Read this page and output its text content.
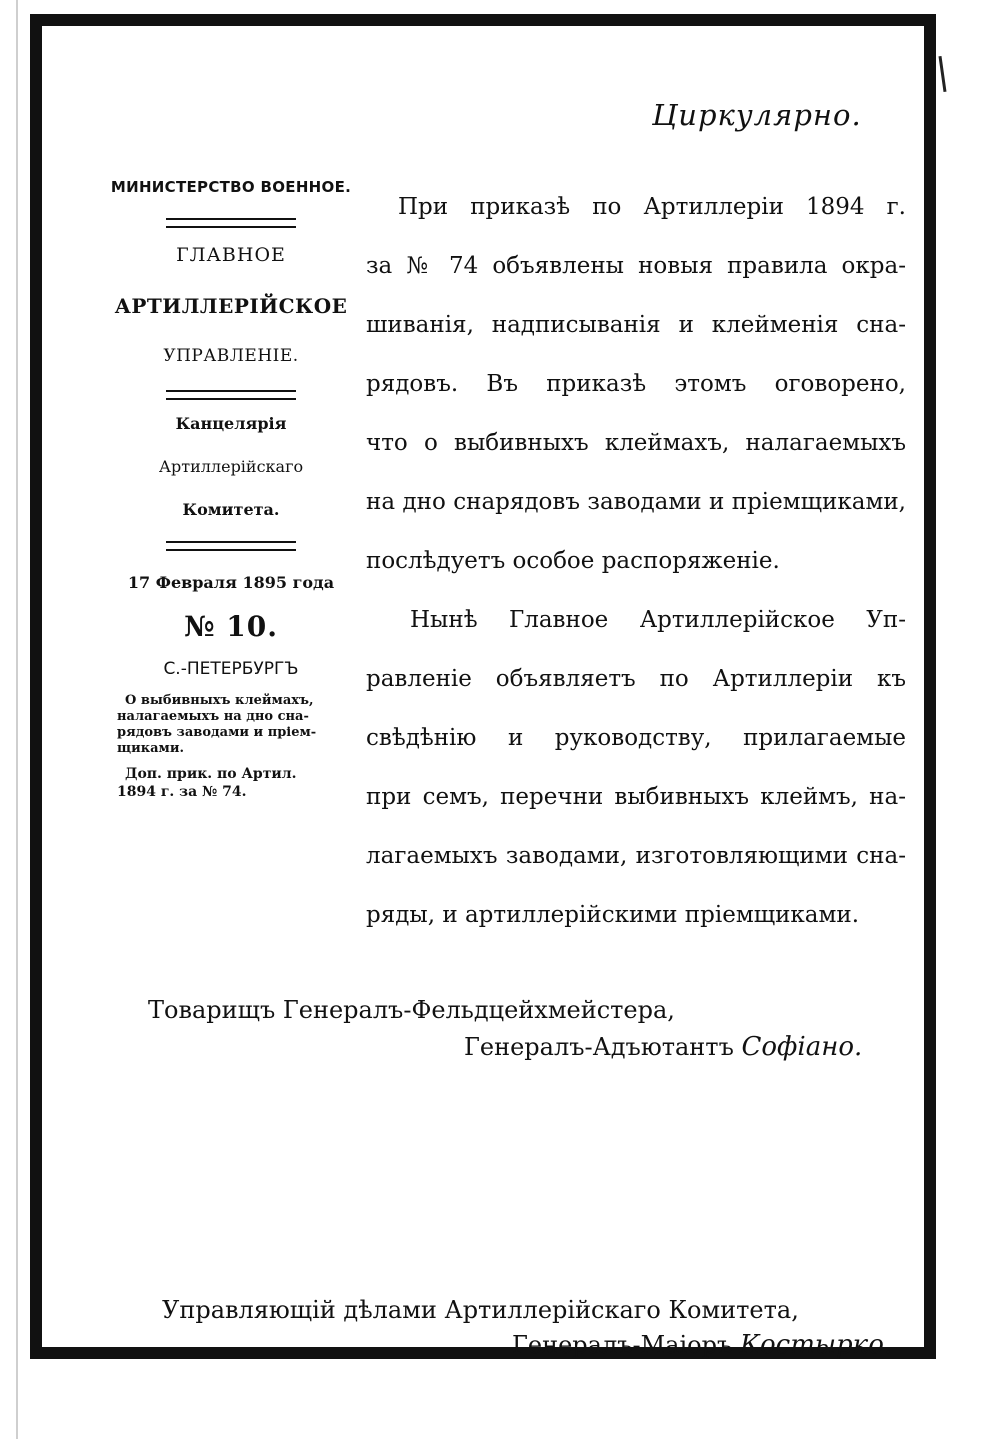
Циркулярно.
МИНИСТЕРСТВО ВОЕННОЕ.
ГЛАВНОЕ
АРТИЛЛЕРІЙСКОЕ
УПРАВЛЕНІЕ.
Канцелярія
Артиллерійскаго
Комитета.
17 Февраля 1895 года
№ 10.
С.-ПЕТЕРБУРГЪ
О выбивныхъ клеймахъ,
налагаемыхъ на дно сна-
рядовъ заводами и пріем-
щиками.
Доп. прик. по Артил.
1894 г. за № 74.
При приказѣ по Артиллеріи 1894 г.
за № 74 объявлены новыя правила окра-
шиванія, надписыванія и клейменія сна-
рядовъ. Въ приказѣ этомъ оговорено,
что о выбивныхъ клеймахъ, налагаемыхъ
на дно снарядовъ заводами и пріемщиками,
послѣдуетъ особое распоряженіе.
Нынѣ Главное Артиллерійское Уп-
равленіе объявляетъ по Артиллеріи къ
свѣдѣнію и руководству, прилагаемые
при семъ, перечни выбивныхъ клеймъ, на-
лагаемыхъ заводами, изготовляющими сна-
ряды, и артиллерійскими пріемщиками.
Товарищъ Генералъ-Фельдцейхмейстера,
Генералъ-Адъютантъ Софіано.
Управляющій дѣлами Артиллерійскаго Комитета,
Генералъ-Маіоръ Костырко.
